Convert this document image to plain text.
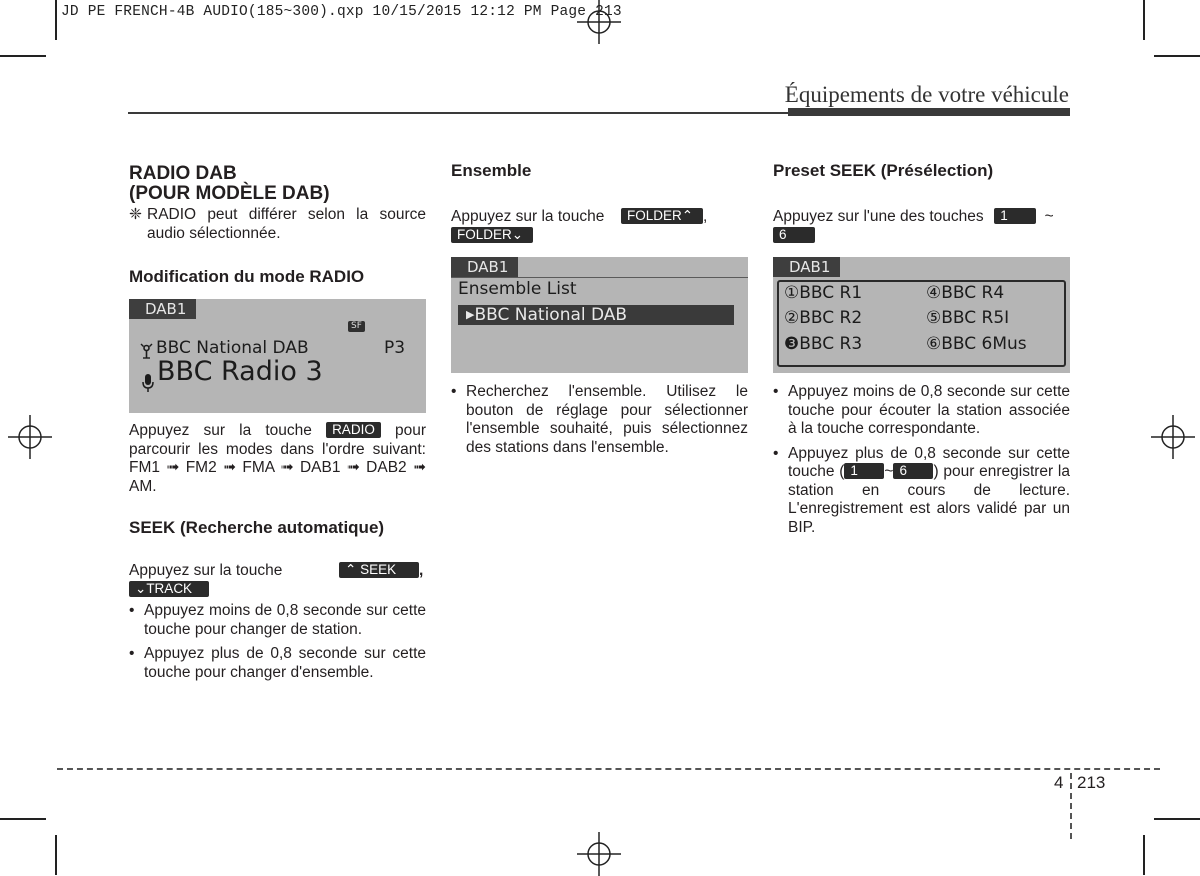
JD PE FRENCH-4B AUDIO(185~300).qxp 10/15/2015 12:12 PM Page 213
Équipements de votre véhicule
RADIO DAB
(POUR MODÈLE DAB)
❈ RADIO peut différer selon la source audio sélectionnée.
Modification du mode RADIO
DAB1
SF
BBC National DAB	P3
BBC Radio 3

Appuyez sur la touche RADIO pour parcourir les modes dans l'ordre suivant: FM1 ➟ FM2 ➟ FMA ➟ DAB1 ➟ DAB2 ➟ AM.

SEEK (Recherche automatique)

Appuyez sur la touche	⌃ SEEK ,
⌄TRACK

• Appuyez moins de 0,8 seconde sur cette touche pour changer de station.
• Appuyez plus de 0,8 seconde sur cette touche pour changer d'ensemble.
Ensemble

Appuyez sur la touche FOLDER⌃ ,
FOLDER⌄

DAB1
Ensemble List
▶BBC National DAB
• Recherchez l'ensemble. Utilisez le bouton de réglage pour sélectionner l'ensemble souhaité, puis sélectionnez des stations dans l'ensemble.
Preset SEEK (Présélection)

Appuyez sur l'une des touches 1 ~
6

DAB1
①BBC R1
②BBC R2
❸BBC R3
④BBC R4
⑤BBC R5I
⑥BBC 6Mus
• Appuyez moins de 0,8 seconde sur cette touche pour écouter la station associée à la touche correspondante.
• Appuyez plus de 0,8 seconde sur cette touche ( 1 ~ 6 ) pour enregistrer la station en cours de lecture. L'enregistrement est alors validé par un BIP.
4 213
